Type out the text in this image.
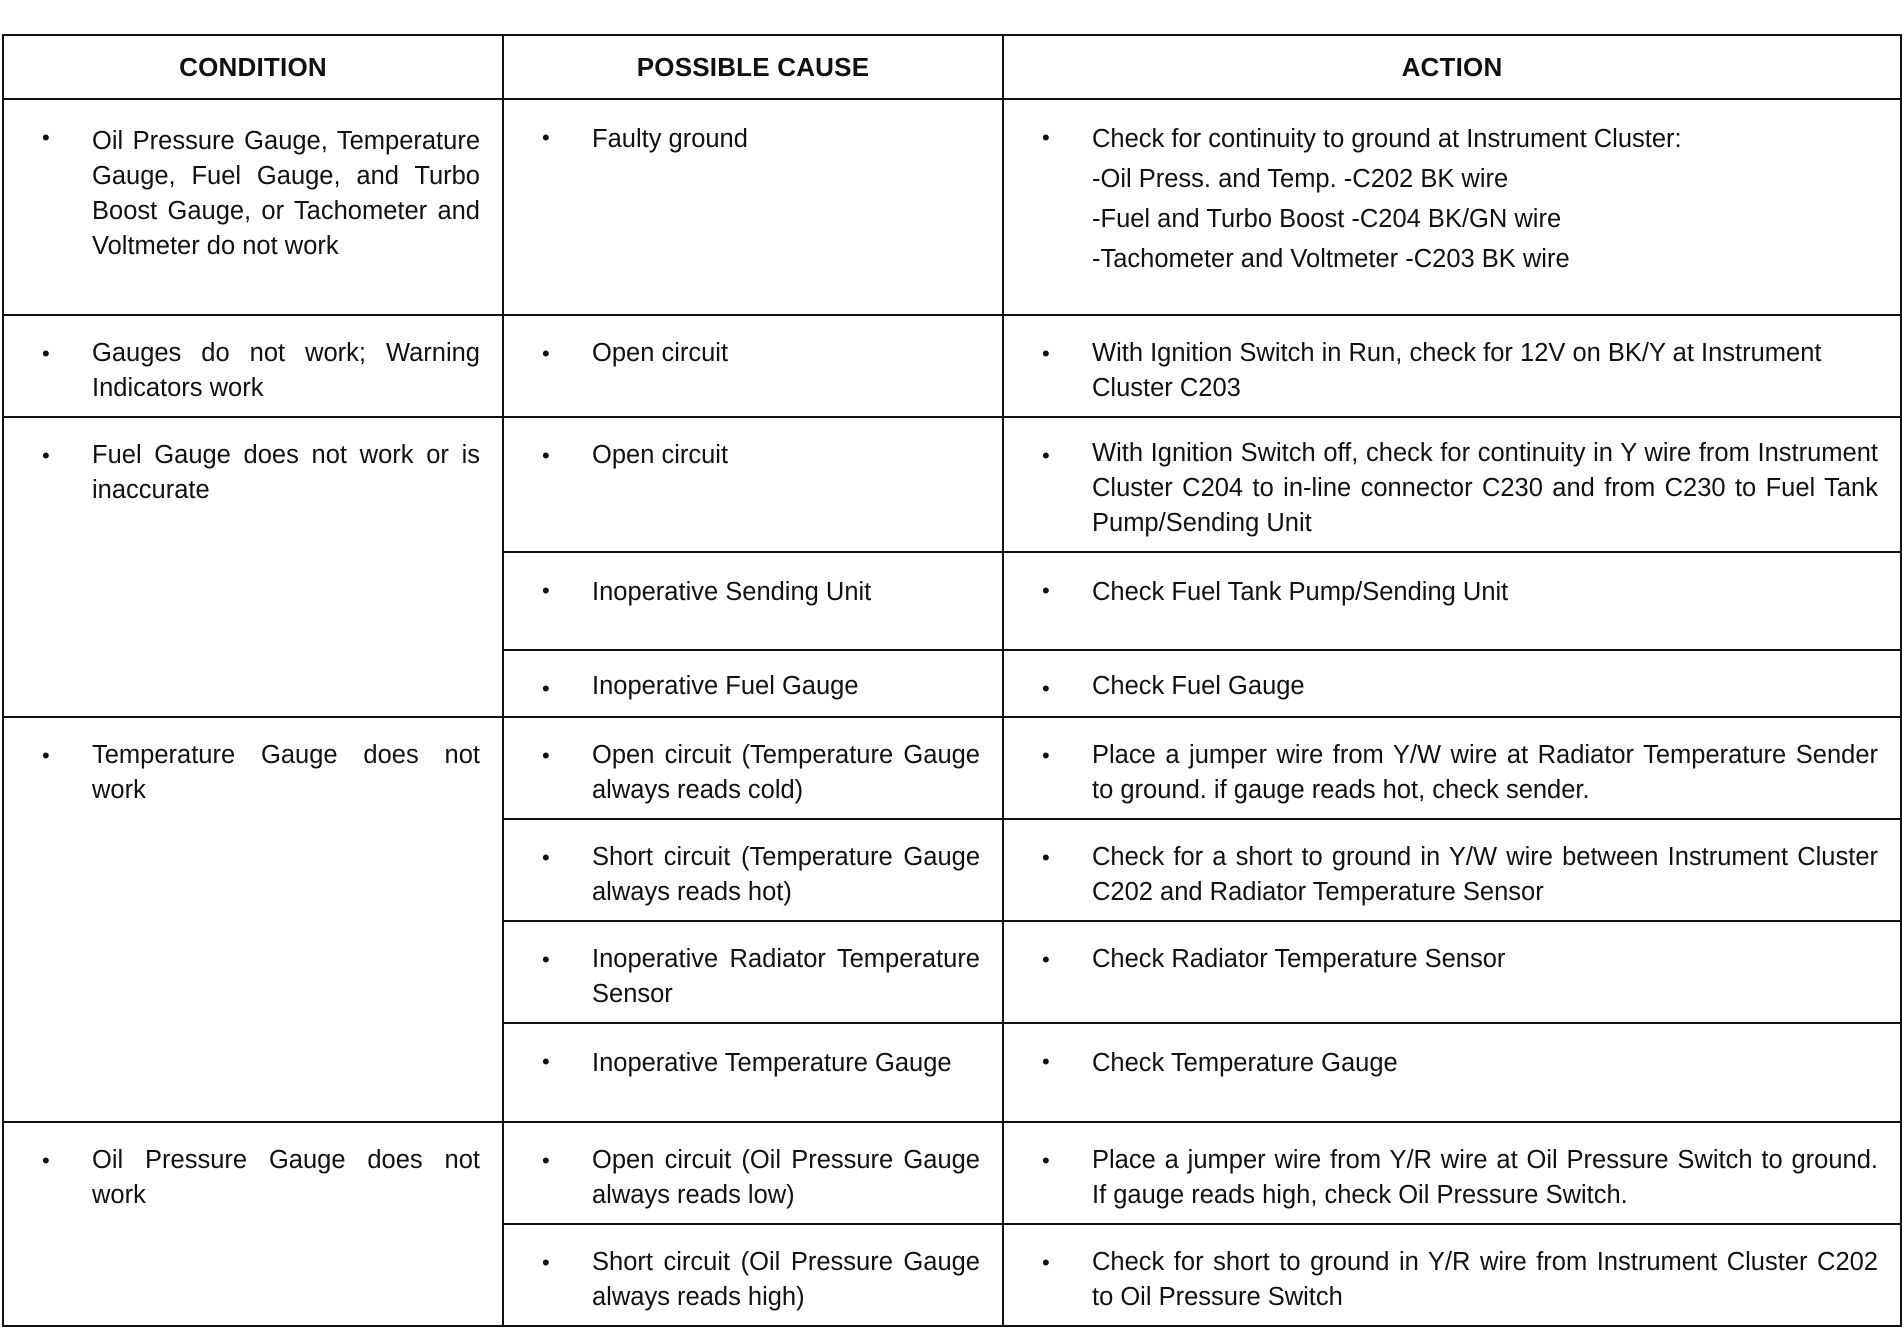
CONDITION	POSSIBLE CAUSE	ACTION

• Oil Pressure Gauge, Temperature Gauge, Fuel Gauge, and Turbo Boost Gauge, or Tachometer and Voltmeter do not work	• Faulty ground	• Check for continuity to ground at Instrument Cluster:
-Oil Press. and Temp. -C202 BK wire
-Fuel and Turbo Boost -C204 BK/GN wire
-Tachometer and Voltmeter -C203 BK wire

• Gauges do not work; Warning Indicators work	• Open circuit	• With Ignition Switch in Run, check for 12V on BK/Y at Instrument Cluster C203

• Fuel Gauge does not work or is inaccurate	• Open circuit	• With Ignition Switch off, check for continuity in Y wire from Instrument Cluster C204 to in-line connector C230 and from C230 to Fuel Tank Pump/Sending Unit

	• Inoperative Sending Unit	• Check Fuel Tank Pump/Sending Unit

	• Inoperative Fuel Gauge	• Check Fuel Gauge

• Temperature Gauge does not work	• Open circuit (Temperature Gauge always reads cold)	• Place a jumper wire from Y/W wire at Radiator Temperature Sender to ground. if gauge reads hot, check sender.

	• Short circuit (Temperature Gauge always reads hot)	• Check for a short to ground in Y/W wire between Instrument Cluster C202 and Radiator Temperature Sensor

	• Inoperative Radiator Temperature Sensor	• Check Radiator Temperature Sensor

	• Inoperative Temperature Gauge	• Check Temperature Gauge

• Oil Pressure Gauge does not work	• Open circuit (Oil Pressure Gauge always reads low)	• Place a jumper wire from Y/R wire at Oil Pressure Switch to ground. If gauge reads high, check Oil Pressure Switch.

	• Short circuit (Oil Pressure Gauge always reads high)	• Check for short to ground in Y/R wire from Instrument Cluster C202 to Oil Pressure Switch
